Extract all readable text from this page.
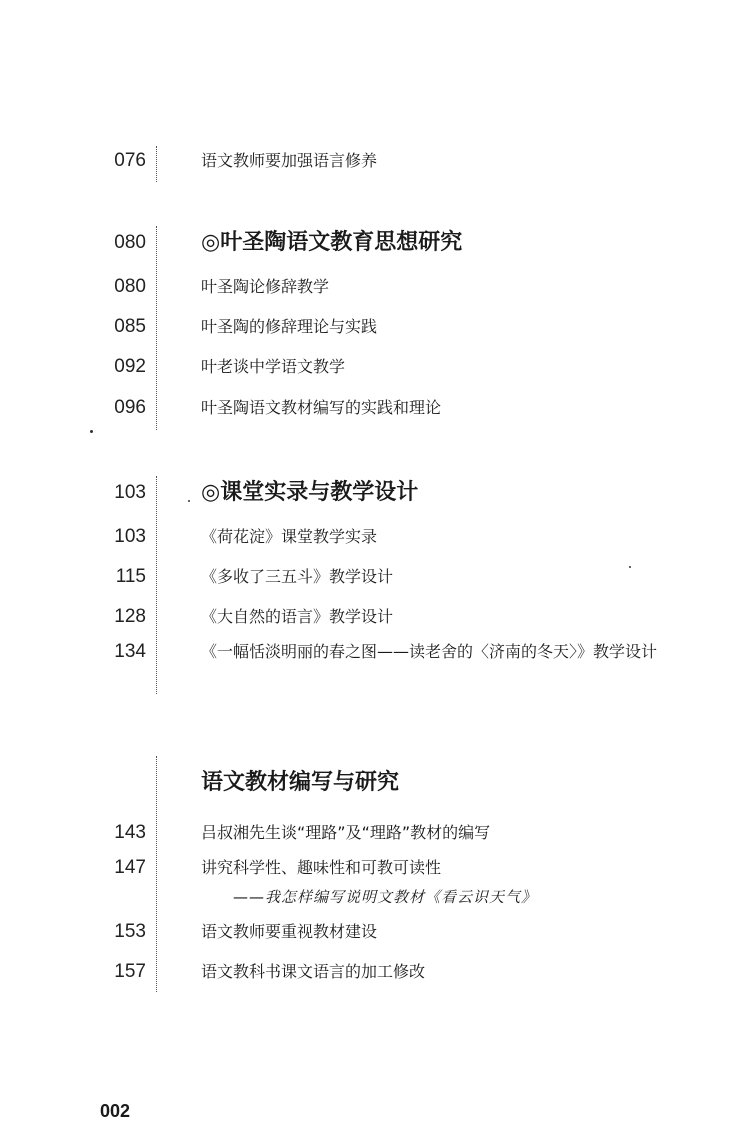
076	语文教师要加强语言修养
080	◎叶圣陶语文教育思想研究
080	叶圣陶论修辞教学
085	叶圣陶的修辞理论与实践
092	叶老谈中学语文教学
096	叶圣陶语文教材编写的实践和理论
103	◎课堂实录与教学设计
103	《荷花淀》课堂教学实录
115	《多收了三五斗》教学设计
128	《大自然的语言》教学设计
134	《一幅恬淡明丽的春之图——读老舍的〈济南的冬天〉》教学设计
语文教材编写与研究
143	吕叔湘先生谈“理路”及“理路”教材的编写
147	讲究科学性、趣味性和可教可读性
——我怎样编写说明文教材《看云识天气》
153	语文教师要重视教材建设
157	语文教科书课文语言的加工修改
002
